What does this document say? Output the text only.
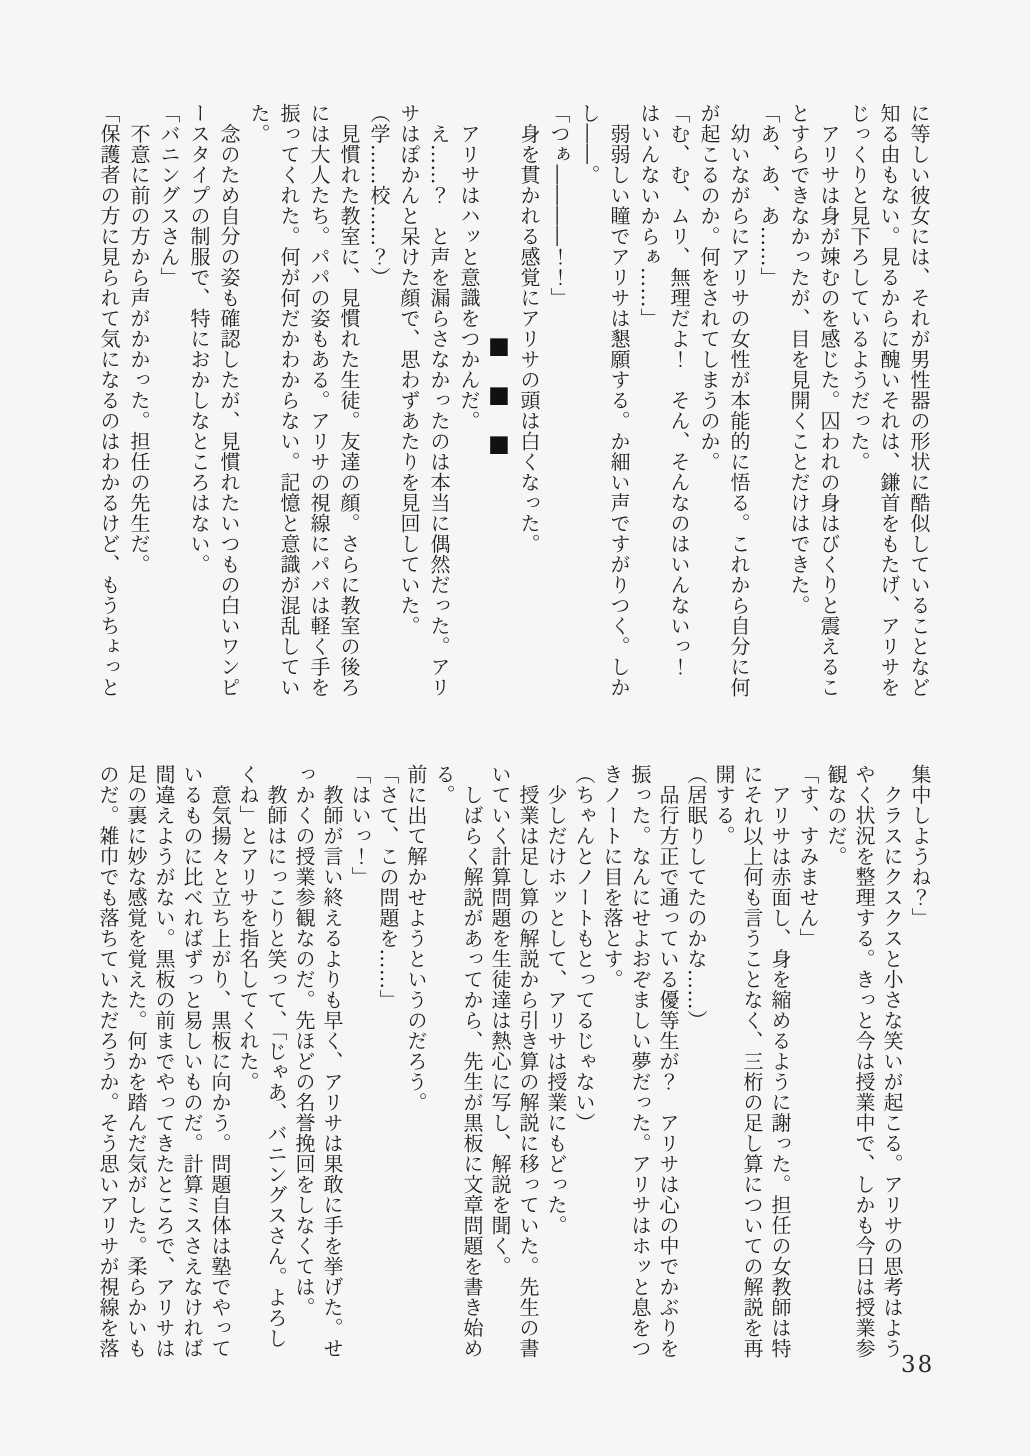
に等しい彼女には、それが男性器の形状に酷似していることなど

知る由もない。見るからに醜いそれは、鎌首をもたげ、アリサを

じっくりと見下ろしているようだった。

　アリサは身が竦むのを感じた。囚われの身はびくりと震えるこ

とすらできなかったが、目を見開くことだけはできた。

「あ、あ、あ……」

　幼いながらにアリサの女性が本能的に悟る。これから自分に何

が起こるのか。何をされてしまうのか。

「む、む、ムリ、無理だよ！　そん、そんなのはいんないっ！

はいんないからぁ……」

　弱弱しい瞳でアリサは懇願する。か細い声ですがりつく。しか

し――。

「つぁ――――！！」

　身を貫かれる感覚にアリサの頭は白くなった。

■■■

　アリサはハッと意識をつかんだ。

　え……？　と声を漏らさなかったのは本当に偶然だった。アリ

サはぽかんと呆けた顔で、思わずあたりを見回していた。

（学……校……？）

　見慣れた教室に、見慣れた生徒。友達の顔。さらに教室の後ろ

には大人たち。パパの姿もある。アリサの視線にパパは軽く手を

振ってくれた。何が何だかわからない。記憶と意識が混乱してい

た。

　念のため自分の姿も確認したが、見慣れたいつもの白いワンピ

ースタイプの制服で、特におかしなところはない。

「バニングスさん」

　不意に前の方から声がかかった。担任の先生だ。

「保護者の方に見られて気になるのはわかるけど、もうちょっと

集中しようね？」

　クラスにクスクスと小さな笑いが起こる。アリサの思考はよう

やく状況を整理する。きっと今は授業中で、しかも今日は授業参

観なのだ。

「す、すみません」

　アリサは赤面し、身を縮めるように謝った。担任の女教師は特

にそれ以上何も言うことなく、三桁の足し算についての解説を再

開する。

（居眠りしてたのかな……）

　品行方正で通っている優等生が？　アリサは心の中でかぶりを

振った。なんにせよおぞましい夢だった。アリサはホッと息をつ

きノートに目を落とす。

（ちゃんとノートもとってるじゃない）

　少しだけホッとして、アリサは授業にもどった。

　授業は足し算の解説から引き算の解説に移っていた。先生の書

いていく計算問題を生徒達は熱心に写し、解説を聞く。

　しばらく解説があってから、先生が黒板に文章問題を書き始め

る。

前に出て解かせようというのだろう。

「さて、この問題を……」

「はいっ！」

　教師が言い終えるよりも早く、アリサは果敢に手を挙げた。せ

っかくの授業参観なのだ。先ほどの名誉挽回をしなくては。

　教師はにっこりと笑って、「じゃあ、バニングスさん。よろし

くね」とアリサを指名してくれた。

　意気揚々と立ち上がり、黒板に向かう。問題自体は塾でやって

いるものに比べればずっと易しいものだ。計算ミスさえなければ

間違えようがない。黒板の前までやってきたところで、アリサは

足の裏に妙な感覚を覚えた。何かを踏んだ気がした。柔らかいも

のだ。雑巾でも落ちていただろうか。そう思いアリサが視線を落

38
